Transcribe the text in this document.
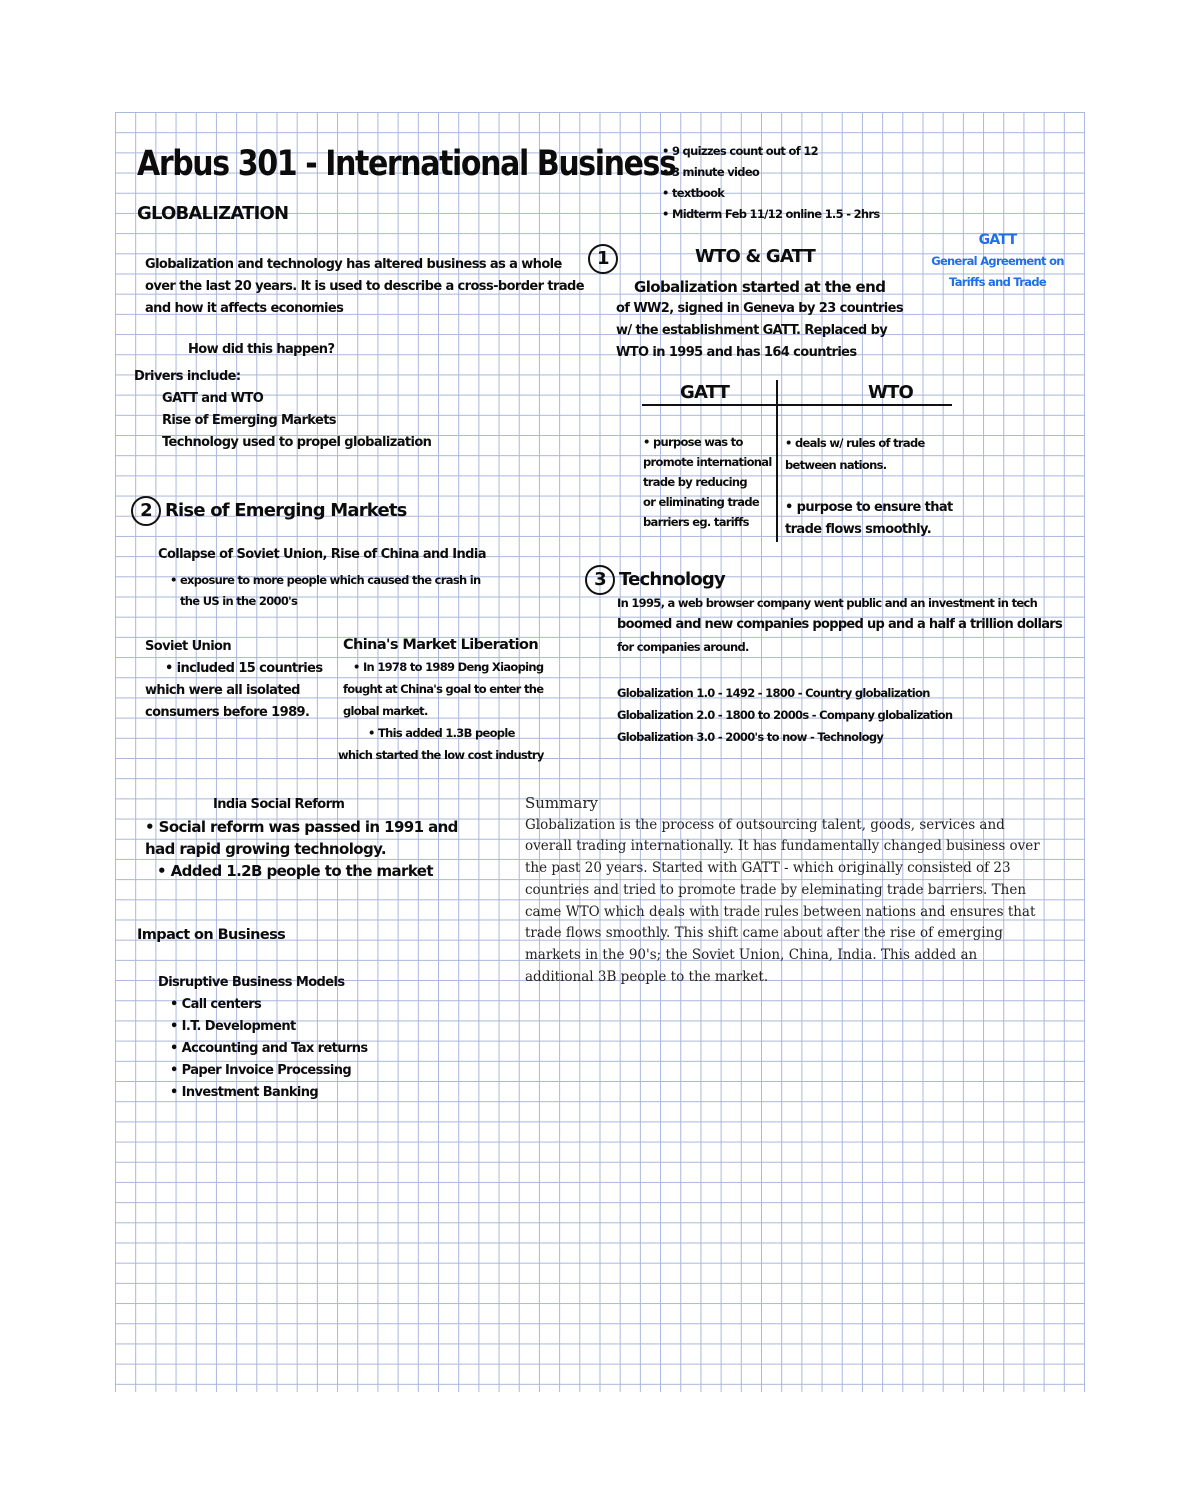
Arbus 301 - International Business
GLOBALIZATION
• 9 quizzes count out of 12
• 3 minute video
• textbook
• Midterm Feb 11/12 online 1.5 - 2hrs
Globalization and technology has altered business as a whole
over the last 20 years. It is used to describe a cross-border trade
and how it affects economies
How did this happen?
Drivers include:
GATT and WTO
Rise of Emerging Markets
Technology used to propel globalization
1	WTO & GATT
Globalization started at the end
of WW2, signed in Geneva by 23 countries
w/ the establishment GATT. Replaced by
WTO in 1995 and has 164 countries
GATT
General Agreement on
Tariffs and Trade
GATT	WTO
• purpose was to
promote international
trade by reducing
or eliminating trade
barriers eg. tariffs
• deals w/ rules of trade
between nations.
• purpose to ensure that
trade flows smoothly.
2 Rise of Emerging Markets
Collapse of Soviet Union, Rise of China and India
• exposure to more people which caused the crash in
the US in the 2000's
Soviet Union
• included 15 countries
which were all isolated
consumers before 1989.
China's Market Liberation
• In 1978 to 1989 Deng Xiaoping
fought at China's goal to enter the
global market.
• This added 1.3B people
which started the low cost industry
India Social Reform
• Social reform was passed in 1991 and
had rapid growing technology.
• Added 1.2B people to the market
3 Technology
In 1995, a web browser company went public and an investment in tech
boomed and new companies popped up and a half a trillion dollars
for companies around.
Globalization 1.0 - 1492 - 1800 - Country globalization
Globalization 2.0 - 1800 to 2000s - Company globalization
Globalization 3.0 - 2000's to now - Technology
Impact on Business
Disruptive Business Models
• Call centers
• I.T. Development
• Accounting and Tax returns
• Paper Invoice Processing
• Investment Banking
Summary
Globalization is the process of outsourcing talent, goods, services and overall trading internationally. It has fundamentally changed business over the past 20 years. Started with GATT - which originally consisted of 23 countries and tried to promote trade by eleminating trade barriers. Then came WTO which deals with trade rules between nations and ensures that trade flows smoothly. This shift came about after the rise of emerging markets in the 90's; the Soviet Union, China, India. This added an additional 3B people to the market.
